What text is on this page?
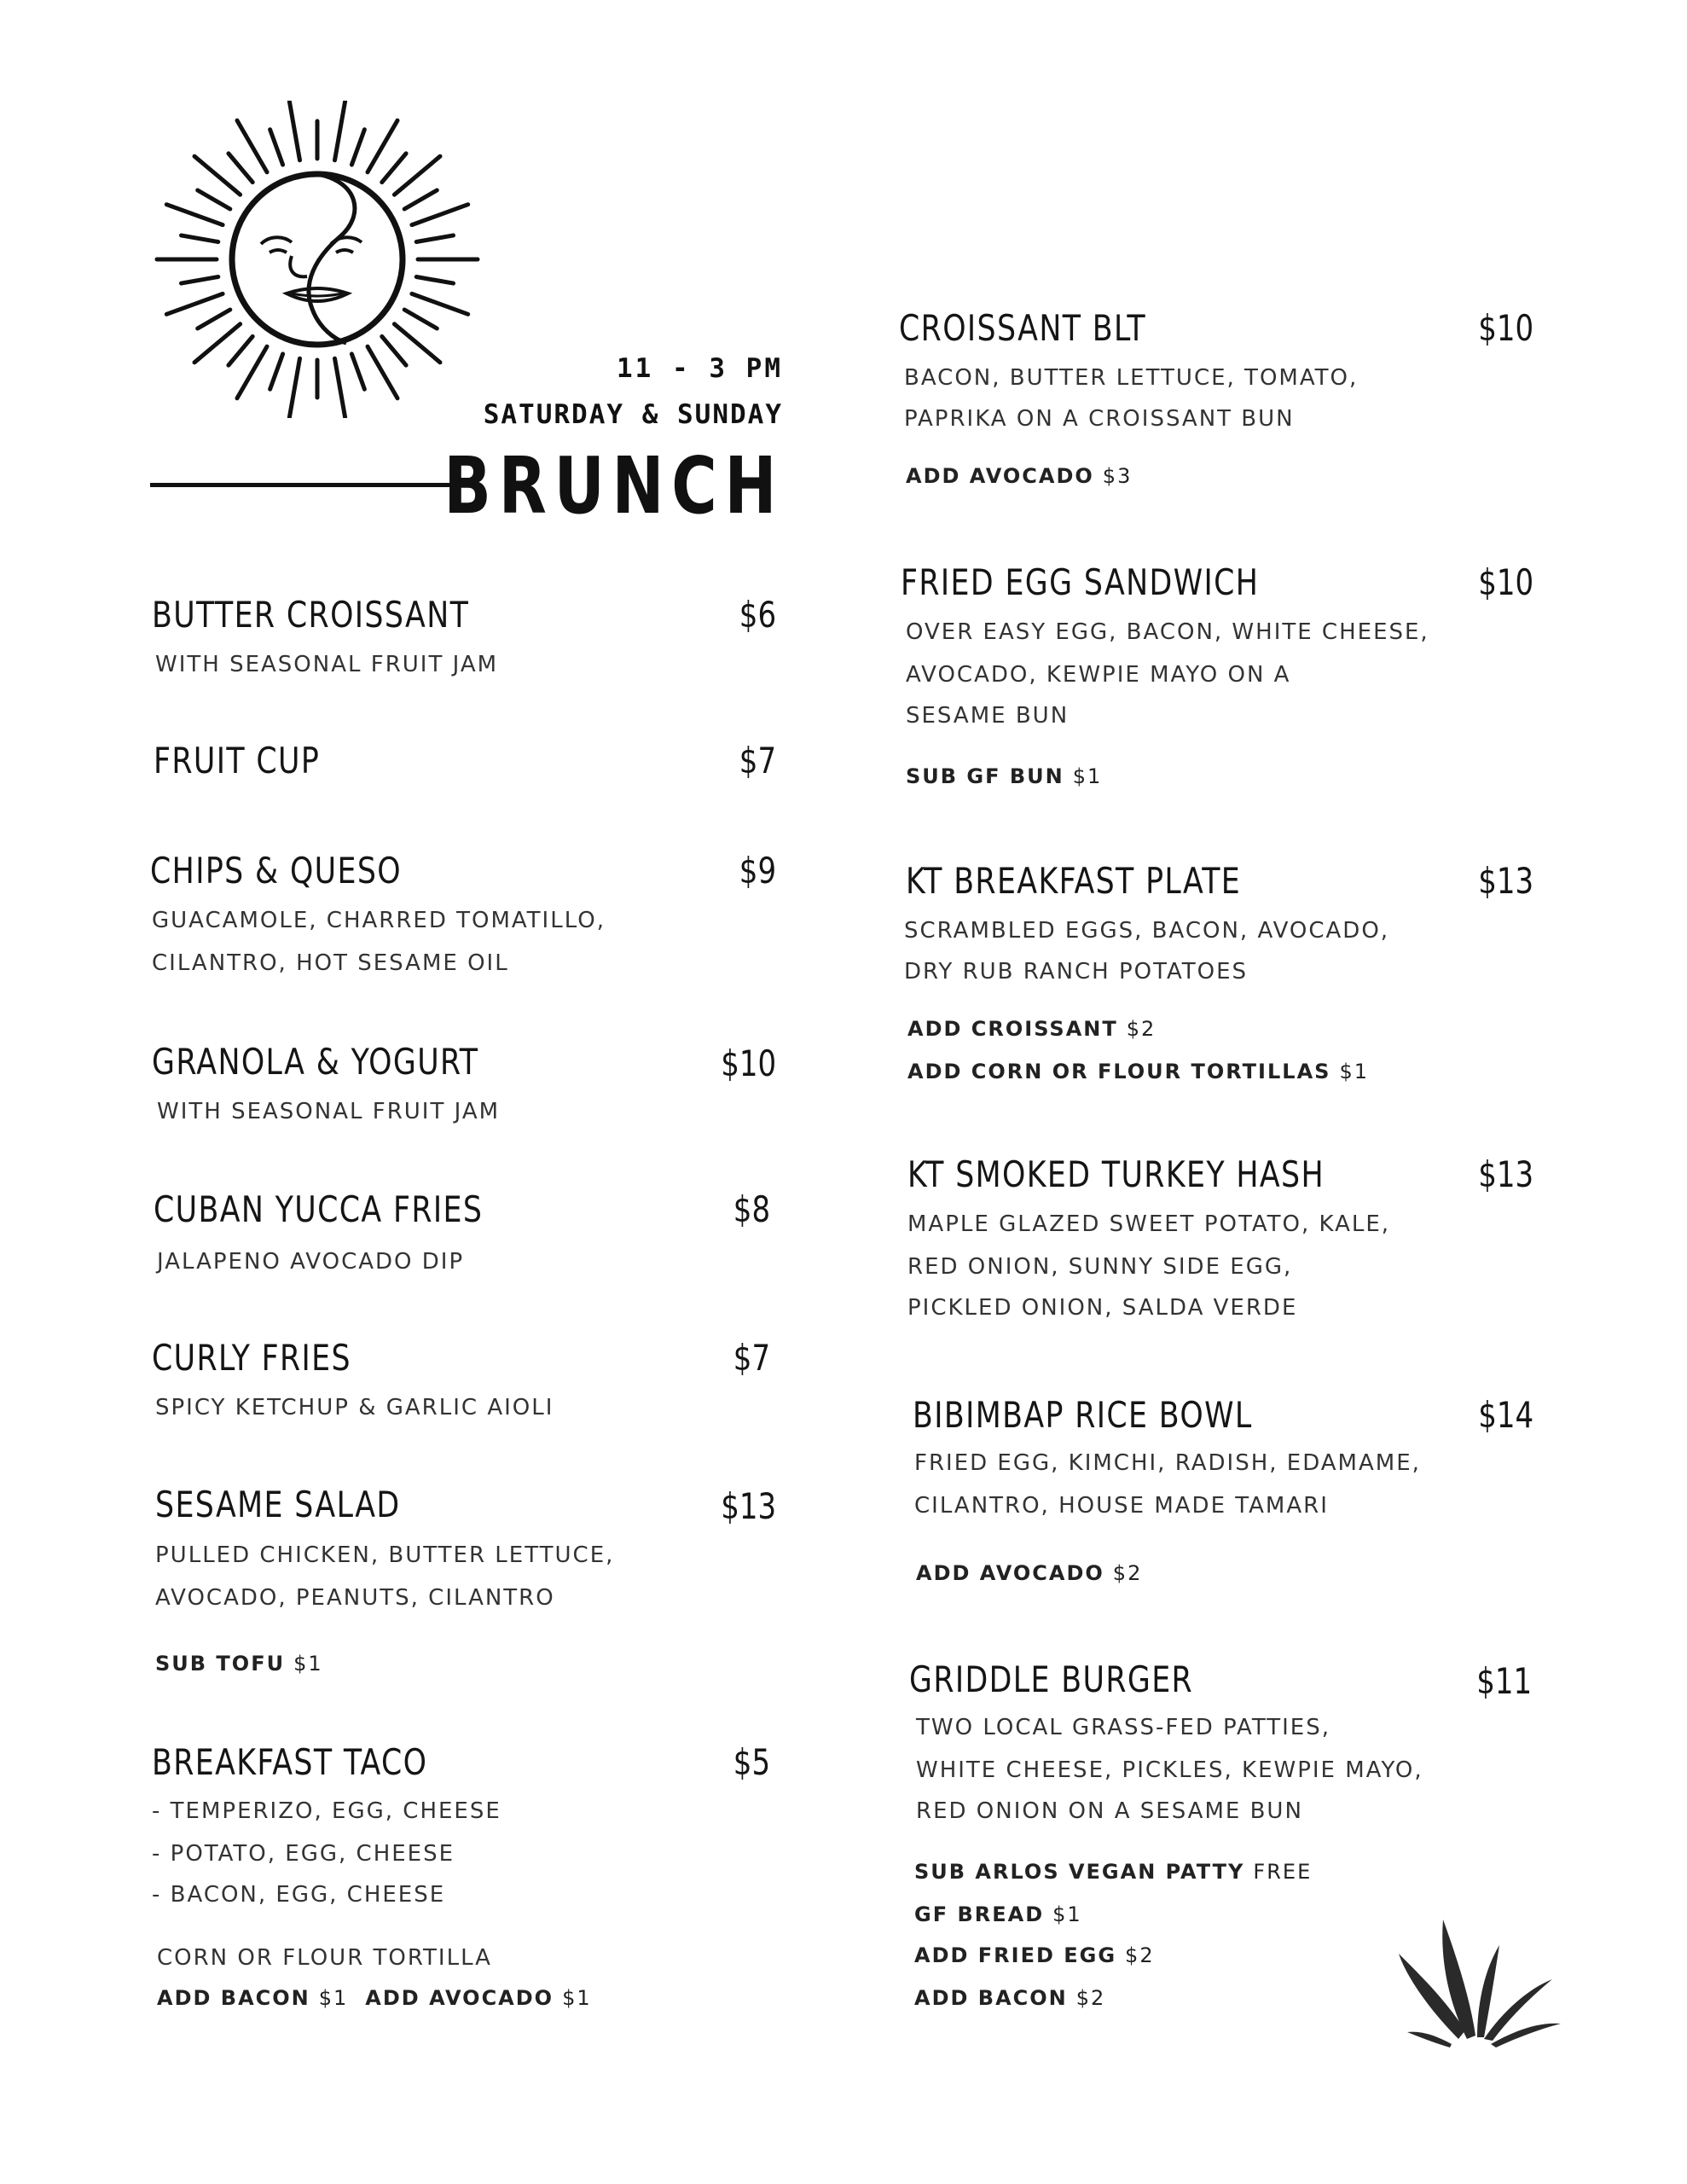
11 - 3 PM
SATURDAY & SUNDAY
BRUNCH
BUTTER CROISSANT	$6
WITH SEASONAL FRUIT JAM
FRUIT CUP	$7
CHIPS & QUESO	$9
GUACAMOLE, CHARRED TOMATILLO,
CILANTRO, HOT SESAME OIL
GRANOLA & YOGURT	$10
WITH SEASONAL FRUIT JAM
CUBAN YUCCA FRIES	$8
JALAPENO AVOCADO DIP
CURLY FRIES	$7
SPICY KETCHUP & GARLIC AIOLI
SESAME SALAD	$13
PULLED CHICKEN, BUTTER LETTUCE,
AVOCADO, PEANUTS, CILANTRO
SUB TOFU $1
BREAKFAST TACO	$5
- TEMPERIZO, EGG, CHEESE
- POTATO, EGG, CHEESE
- BACON, EGG, CHEESE
CORN OR FLOUR TORTILLA
ADD BACON $1 ADD AVOCADO $1
CROISSANT BLT	$10
BACON, BUTTER LETTUCE, TOMATO,
PAPRIKA ON A CROISSANT BUN
ADD AVOCADO $3
FRIED EGG SANDWICH	$10
OVER EASY EGG, BACON, WHITE CHEESE,
AVOCADO, KEWPIE MAYO ON A
SESAME BUN
SUB GF BUN $1
KT BREAKFAST PLATE	$13
SCRAMBLED EGGS, BACON, AVOCADO,
DRY RUB RANCH POTATOES
ADD CROISSANT $2
ADD CORN OR FLOUR TORTILLAS $1
KT SMOKED TURKEY HASH	$13
MAPLE GLAZED SWEET POTATO, KALE,
RED ONION, SUNNY SIDE EGG,
PICKLED ONION, SALDA VERDE
BIBIMBAP RICE BOWL	$14
FRIED EGG, KIMCHI, RADISH, EDAMAME,
CILANTRO, HOUSE MADE TAMARI
ADD AVOCADO $2
GRIDDLE BURGER	$11
TWO LOCAL GRASS-FED PATTIES,
WHITE CHEESE, PICKLES, KEWPIE MAYO,
RED ONION ON A SESAME BUN
SUB ARLOS VEGAN PATTY FREE
GF BREAD $1
ADD FRIED EGG $2
ADD BACON $2
